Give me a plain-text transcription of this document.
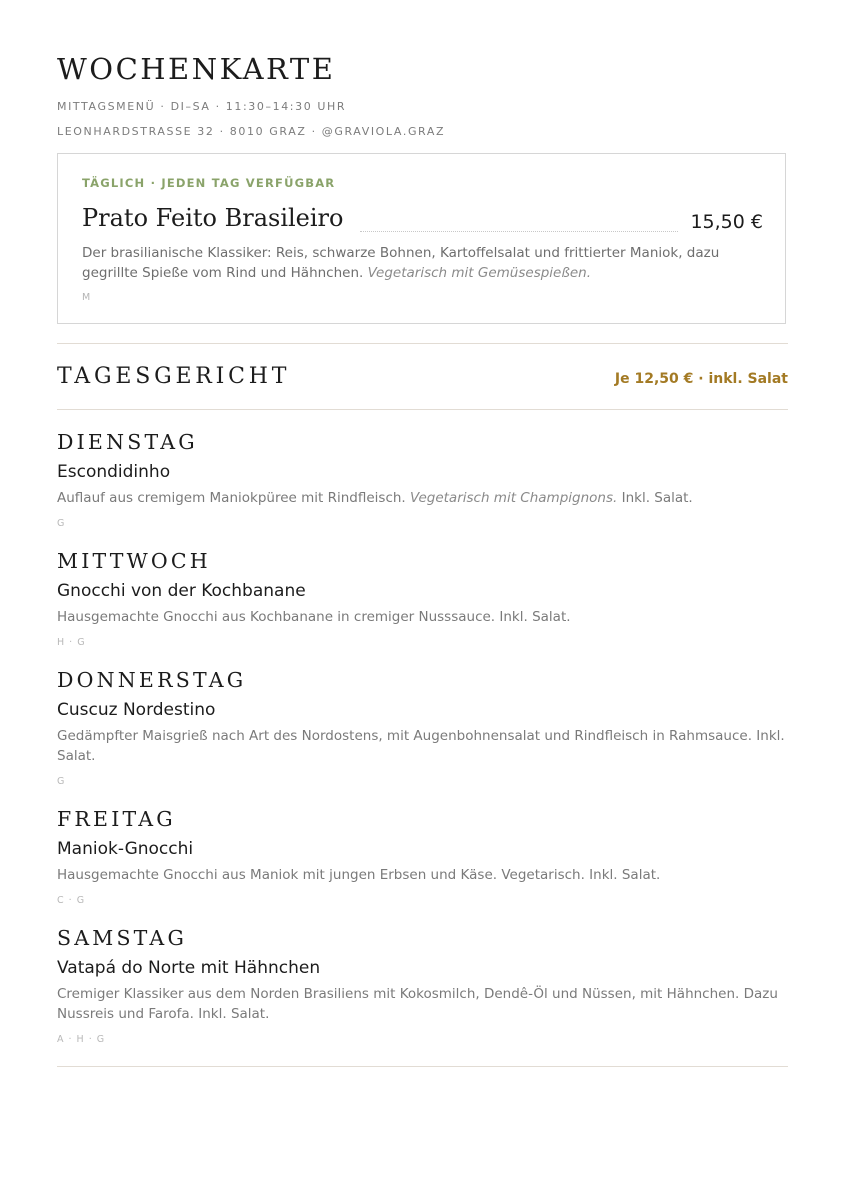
WOCHENKARTE
MITTAGSMENÜ · DI–SA · 11:30–14:30 UHR
LEONHARDSTRASSE 32 · 8010 GRAZ · @GRAVIOLA.GRAZ
TÄGLICH · JEDEN TAG VERFÜGBAR
Prato Feito Brasileiro	15,50 €
Der brasilianische Klassiker: Reis, schwarze Bohnen, Kartoffelsalat und frittierter Maniok, dazu gegrillte Spieße vom Rind und Hähnchen. Vegetarisch mit Gemüsespießen.
M
TAGESGERICHT	Je 12,50 € · inkl. Salat
DIENSTAG
Escondidinho
Auflauf aus cremigem Maniokpüree mit Rindfleisch. Vegetarisch mit Champignons. Inkl. Salat.
G
MITTWOCH
Gnocchi von der Kochbanane
Hausgemachte Gnocchi aus Kochbanane in cremiger Nusssauce. Inkl. Salat.
H · G
DONNERSTAG
Cuscuz Nordestino
Gedämpfter Maisgrieß nach Art des Nordostens, mit Augenbohnensalat und Rindfleisch in Rahmsauce. Inkl. Salat.
G
FREITAG
Maniok-Gnocchi
Hausgemachte Gnocchi aus Maniok mit jungen Erbsen und Käse. Vegetarisch. Inkl. Salat.
C · G
SAMSTAG
Vatapá do Norte mit Hähnchen
Cremiger Klassiker aus dem Norden Brasiliens mit Kokosmilch, Dendê-Öl und Nüssen, mit Hähnchen. Dazu Nussreis und Farofa. Inkl. Salat.
A · H · G
